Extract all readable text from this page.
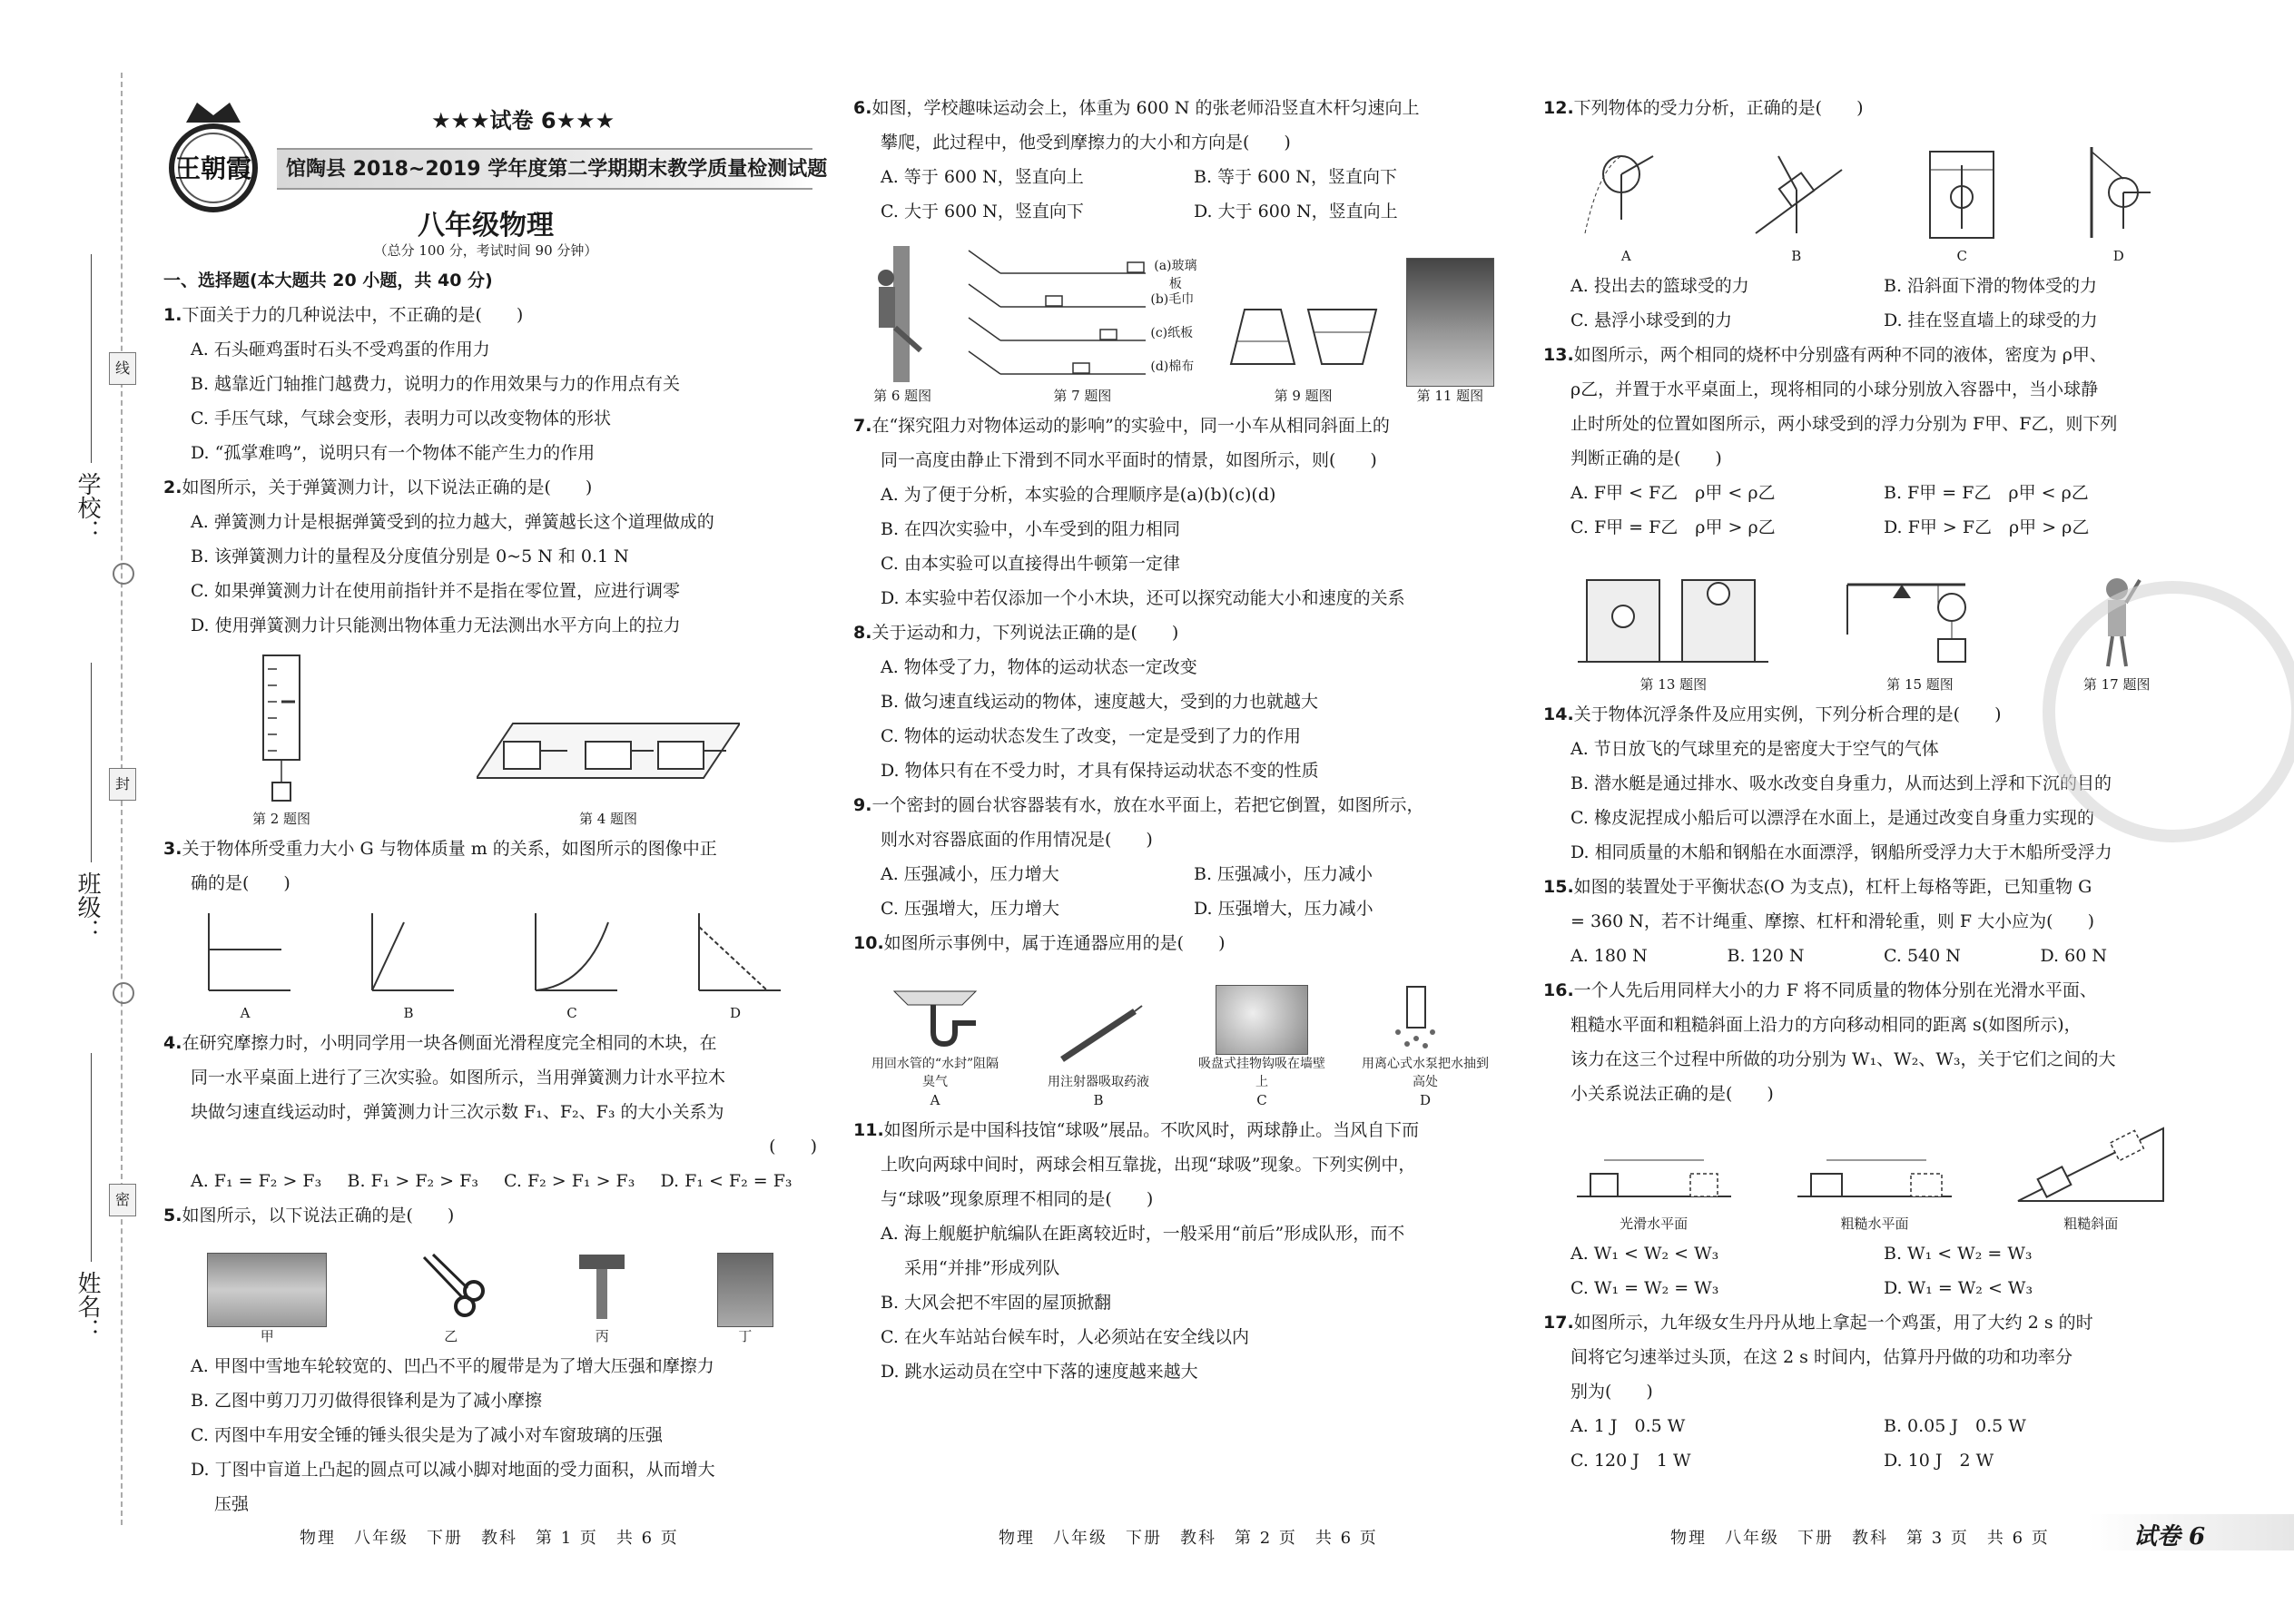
学校：
班级：
姓名：
线
封
密
王朝霞
★★★试卷 6★★★
馆陶县 2018~2019 学年度第二学期期末教学质量检测试题
八年级物理
（总分 100 分，考试时间 90 分钟）
一、选择题(本大题共 20 小题，共 40 分)
1.下面关于力的几种说法中，不正确的是(　　)
A. 石头砸鸡蛋时石头不受鸡蛋的作用力
B. 越靠近门轴推门越费力，说明力的作用效果与力的作用点有关
C. 手压气球，气球会变形，表明力可以改变物体的形状
D. “孤掌难鸣”，说明只有一个物体不能产生力的作用
2.如图所示，关于弹簧测力计，以下说法正确的是(　　)
A. 弹簧测力计是根据弹簧受到的拉力越大，弹簧越长这个道理做成的
B. 该弹簧测力计的量程及分度值分别是 0~5 N 和 0.1 N
C. 如果弹簧测力计在使用前指针并不是指在零位置，应进行调零
D. 使用弹簧测力计只能测出物体重力无法测出水平方向上的拉力
第 2 题图	第 4 题图
3.关于物体所受重力大小 G 与物体质量 m 的关系，如图所示的图像中正
确的是(　　)
A	B	C	D
4.在研究摩擦力时，小明同学用一块各侧面光滑程度完全相同的木块，在
同一水平桌面上进行了三次实验。如图所示，当用弹簧测力计水平拉木
块做匀速直线运动时，弹簧测力计三次示数 F₁、F₂、F₃ 的大小关系为
(　　)
A. F₁ = F₂ > F₃	B. F₁ > F₂ > F₃	C. F₂ > F₁ > F₃	D. F₁ < F₂ = F₃
5.如图所示，以下说法正确的是(　　)
甲	乙	丙	丁
A. 甲图中雪地车轮较宽的、凹凸不平的履带是为了增大压强和摩擦力
B. 乙图中剪刀刀刃做得很锋利是为了减小摩擦
C. 丙图中车用安全锤的锤头很尖是为了减小对车窗玻璃的压强
D. 丁图中盲道上凸起的圆点可以减小脚对地面的受力面积，从而增大
压强
6.如图，学校趣味运动会上，体重为 600 N 的张老师沿竖直木杆匀速向上
攀爬，此过程中，他受到摩擦力的大小和方向是(　　)
A. 等于 600 N，竖直向上	B. 等于 600 N，竖直向下
C. 大于 600 N，竖直向下	D. 大于 600 N，竖直向上
第 6 题图
(a)玻璃板
(b)毛巾
(c)纸板
(d)棉布
第 7 题图	第 9 题图	第 11 题图
7.在“探究阻力对物体运动的影响”的实验中，同一小车从相同斜面上的
同一高度由静止下滑到不同水平面时的情景，如图所示，则(　　)
A. 为了便于分析，本实验的合理顺序是(a)(b)(c)(d)
B. 在四次实验中，小车受到的阻力相同
C. 由本实验可以直接得出牛顿第一定律
D. 本实验中若仅添加一个小木块，还可以探究动能大小和速度的关系
8.关于运动和力，下列说法正确的是(　　)
A. 物体受了力，物体的运动状态一定改变
B. 做匀速直线运动的物体，速度越大，受到的力也就越大
C. 物体的运动状态发生了改变，一定是受到了力的作用
D. 物体只有在不受力时，才具有保持运动状态不变的性质
9.一个密封的圆台状容器装有水，放在水平面上，若把它倒置，如图所示，
则水对容器底面的作用情况是(　　)
A. 压强减小，压力增大	B. 压强减小，压力减小
C. 压强增大，压力增大	D. 压强增大，压力减小
10.如图所示事例中，属于连通器应用的是(　　)
用回水管的“水封”阻隔臭气
A
用注射器吸取药液
B
吸盘式挂物钩吸在墙壁上
C
用离心式水泵把水抽到高处
D
11.如图所示是中国科技馆“球吸”展品。不吹风时，两球静止。当风自下而
上吹向两球中间时，两球会相互靠拢，出现“球吸”现象。下列实例中，
与“球吸”现象原理不相同的是(　　)
A. 海上舰艇护航编队在距离较近时，一般采用“前后”形成队形，而不
采用“并排”形成列队
B. 大风会把不牢固的屋顶掀翻
C. 在火车站站台候车时，人必须站在安全线以内
D. 跳水运动员在空中下落的速度越来越大
12.下列物体的受力分析，正确的是(　　)
A	B	C	D
A. 投出去的篮球受的力	B. 沿斜面下滑的物体受的力
C. 悬浮小球受到的力	D. 挂在竖直墙上的球受的力
13.如图所示，两个相同的烧杯中分别盛有两种不同的液体，密度为 ρ甲、
ρ乙，并置于水平桌面上，现将相同的小球分别放入容器中，当小球静
止时所处的位置如图所示，两小球受到的浮力分别为 F甲、F乙，则下列
判断正确的是(　　)
A. F甲 < F乙　ρ甲 < ρ乙	B. F甲 = F乙　ρ甲 < ρ乙
C. F甲 = F乙　ρ甲 > ρ乙	D. F甲 > F乙　ρ甲 > ρ乙
第 13 题图	第 15 题图	第 17 题图
14.关于物体沉浮条件及应用实例，下列分析合理的是(　　)
A. 节日放飞的气球里充的是密度大于空气的气体
B. 潜水艇是通过排水、吸水改变自身重力，从而达到上浮和下沉的目的
C. 橡皮泥捏成小船后可以漂浮在水面上，是通过改变自身重力实现的
D. 相同质量的木船和钢船在水面漂浮，钢船所受浮力大于木船所受浮力
15.如图的装置处于平衡状态(O 为支点)，杠杆上每格等距，已知重物 G
= 360 N，若不计绳重、摩擦、杠杆和滑轮重，则 F 大小应为(　　)
A. 180 N	B. 120 N	C. 540 N	D. 60 N
16.一个人先后用同样大小的力 F 将不同质量的物体分别在光滑水平面、
粗糙水平面和粗糙斜面上沿力的方向移动相同的距离 s(如图所示)，
该力在这三个过程中所做的功分别为 W₁、W₂、W₃，关于它们之间的大
小关系说法正确的是(　　)
光滑水平面	粗糙水平面	粗糙斜面
A. W₁ < W₂ < W₃	B. W₁ < W₂ = W₃
C. W₁ = W₂ = W₃	D. W₁ = W₂ < W₃
17.如图所示，九年级女生丹丹从地上拿起一个鸡蛋，用了大约 2 s 的时
间将它匀速举过头顶，在这 2 s 时间内，估算丹丹做的功和功率分
别为(　　)
A. 1 J　0.5 W	B. 0.05 J　0.5 W
C. 120 J　1 W	D. 10 J　2 W
物理　八年级　下册　教科　第 1 页　共 6 页	物理　八年级　下册　教科　第 2 页　共 6 页	物理　八年级　下册　教科　第 3 页　共 6 页	试卷 6
